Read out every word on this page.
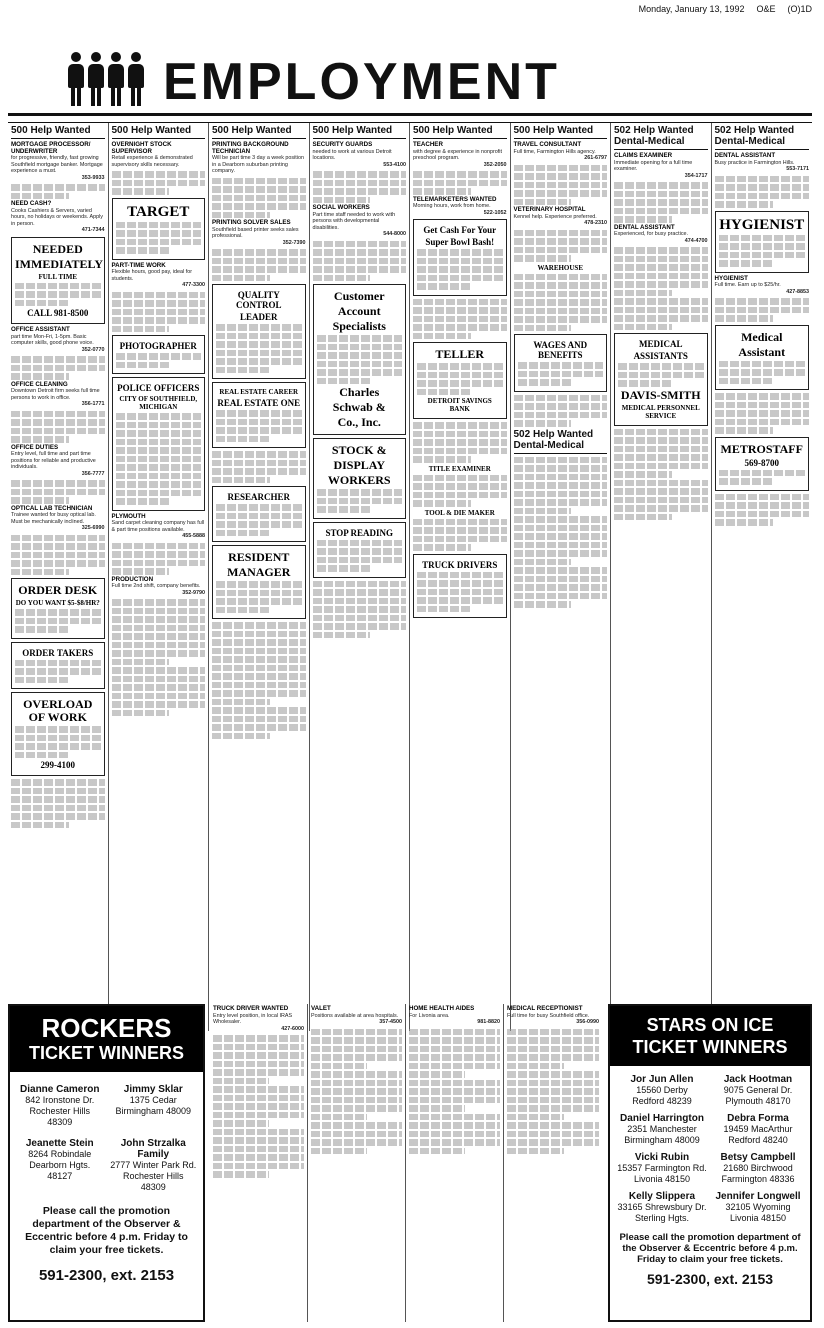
Monday, January 13, 1992 O&E (O)1D
EMPLOYMENT
500 Help Wanted
MORTGAGE PROCESSOR/ UNDERWRITER
for progressive, friendly, fast growing Southfield mortgage banker. Mortgage experience a must.
353-9933
NEED CASH?
Cooks Cashiers & Servers, varied hours, no holidays or weekends. Apply in person.
471-7344
NEEDED
IMMEDIATELY
FULL TIME
CALL 981-8500
OFFICE ASSISTANT
part time Mon-Fri, 1-5pm. Basic computer skills, good phone voice.
352-0770
OFFICE CLEANING
Downtown Detroit firm seeks full time persons to work in office.
356-1771
OFFICE DUTIES
Entry level, full time and part time positions for reliable and productive individuals.
356-7777
OPTICAL LAB TECHNICIAN
Trainee wanted for busy optical lab. Must be mechanically inclined.
325-6990
ORDER DESK
DO YOU WANT $5-$8/HR?
ORDER TAKERS
OVERLOAD OF WORK
299-4100
500 Help Wanted
OVERNIGHT STOCK SUPERVISOR
Retail experience & demonstrated supervisory skills necessary.
TARGET
PART-TIME WORK
Flexible hours, good pay, ideal for students.
477-3300
PHOTOGRAPHER
POLICE OFFICERS
CITY OF SOUTHFIELD, MICHIGAN
PLYMOUTH
Sand carpet cleaning company has full & part time positions available.
455-5888
PRODUCTION
Full time 2nd shift, company benefits.
352-9790
500 Help Wanted
PRINTING BACKGROUND TECHNICIAN
Will be part time 3 day a week position in a Dearborn suburban printing company.
PRINTING SOLVER SALES
Southfield based printer seeks sales professional.
352-7390
QUALITY CONTROL
LEADER
REAL ESTATE CAREER
REAL ESTATE ONE
RESEARCHER
RESIDENT
MANAGER
500 Help Wanted
SECURITY GUARDS
needed to work at various Detroit locations.
553-4100
SOCIAL WORKERS
Part time staff needed to work with persons with developmental disabilities.
544-8000
Customer
Account
Specialists
Charles
Schwab &
Co., Inc.
STOCK &
DISPLAY
WORKERS
STOP READING
500 Help Wanted
TEACHER
with degree & experience in nonprofit preschool program.
352-2050
TELEMARKETERS WANTED
Morning hours, work from home.
522-1052
Get Cash For Your
Super Bowl Bash!
TELLER
DETROIT SAVINGS BANK
TITLE EXAMINER
TOOL & DIE MAKER
TRUCK DRIVERS
500 Help Wanted
TRAVEL CONSULTANT
Full time, Farmington Hills agency.
261-6797
VETERINARY HOSPITAL
Kennel help. Experience preferred.
478-2310
WAREHOUSE
WAGES AND BENEFITS
502 Help Wanted
Dental-Medical
502 Help Wanted Dental-Medical
CLAIMS EXAMINER
Immediate opening for a full time examiner.
354-1717
DENTAL ASSISTANT
Experienced, for busy practice.
474-4700
MEDICAL
ASSISTANTS
DAVIS-SMITH
MEDICAL PERSONNEL SERVICE
502 Help Wanted Dental-Medical
DENTAL ASSISTANT
Busy practice in Farmington Hills.
553-7171
HYGIENIST
HYGIENIST
Full time. Earn up to $25/hr.
427-8853
Medical
Assistant
METROSTAFF
569-8700
TRUCK DRIVER WANTED
Entry level position, in local IRAS Wholesaler.
427-6000
VALET
Positions available at area hospitals.
357-4500
HOME HEALTH AIDES
For Livonia area.
981-8820
MEDICAL RECEPTIONIST
Full time for busy Southfield office.
356-0990
ROCKERS
TICKET WINNERS
Dianne Cameron
842 Ironstone Dr.
Rochester Hills 48309
Jimmy Sklar
1375 Cedar
Birmingham 48009
Jeanette Stein
8264 Robindale
Dearborn Hgts. 48127
John Strzalka Family
2777 Winter Park Rd.
Rochester Hills 48309
Please call the promotion department of the Observer & Eccentric before 4 p.m. Friday to claim your free tickets.
591-2300, ext. 2153
STARS ON ICE
TICKET WINNERS
Jor Jun Allen
15560 Derby
Redford 48239
Jack Hootman
9075 General Dr.
Plymouth 48170
Daniel Harrington
2351 Manchester
Birmingham 48009
Debra Forma
19459 MacArthur
Redford 48240
Vicki Rubin
15357 Farmington Rd.
Livonia 48150
Betsy Campbell
21680 Birchwood
Farmington 48336
Kelly Slippera
33165 Shrewsbury Dr.
Sterling Hgts.
Jennifer Longwell
32105 Wyoming
Livonia 48150
Please call the promotion department of the Observer & Eccentric before 4 p.m. Friday to claim your free tickets.
591-2300, ext. 2153
